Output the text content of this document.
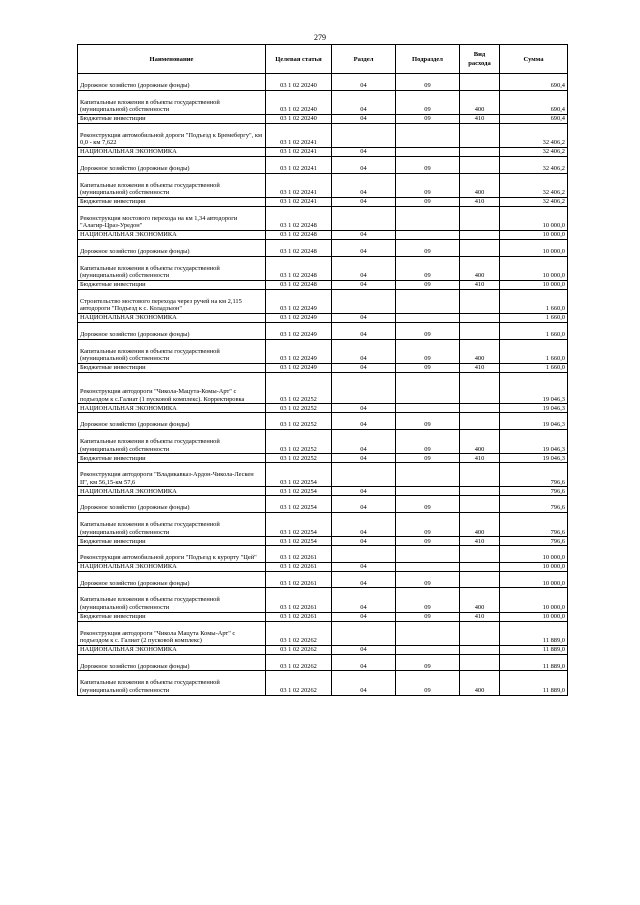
279
Наименование	Целевая статья	Раздел	Подраздел	Вид расхода	Сумма
Дорожное хозяйство (дорожные фонды)	03 1 02 20240	04	09		690,4
Капитальные вложения в объекты государственной (муниципальной) собственности	03 1 02 20240	04	09	400	690,4
Бюджетные инвестиции	03 1 02 20240	04	09	410	690,4
Реконструкция автомобильной дороги "Подъезд к Бремебергу", км 0,0 - км 7,622	03 1 02 20241				32 406,2
НАЦИОНАЛЬНАЯ ЭКОНОМИКА	03 1 02 20241	04			32 406,2
Дорожное хозяйство (дорожные фонды)	03 1 02 20241	04	09		32 406,2
Капитальные вложения в объекты государственной (муниципальной) собственности	03 1 02 20241	04	09	400	32 406,2
Бюджетные инвестиции	03 1 02 20241	04	09	410	32 406,2
Реконструкция мостового перехода на км 1,34 автодороги "Алагир-Цраз-Уредон"	03 1 02 20248				10 000,0
НАЦИОНАЛЬНАЯ ЭКОНОМИКА	03 1 02 20248	04			10 000,0
Дорожное хозяйство (дорожные фонды)	03 1 02 20248	04	09		10 000,0
Капитальные вложения в объекты государственной (муниципальной) собственности	03 1 02 20248	04	09	400	10 000,0
Бюджетные инвестиции	03 1 02 20248	04	09	410	10 000,0
Строительство мостового перехода через ручей на км 2,115 автодороги "Подъезд к с. Коладзыон"	03 1 02 20249				1 660,0
НАЦИОНАЛЬНАЯ ЭКОНОМИКА	03 1 02 20249	04			1 660,0
Дорожное хозяйство (дорожные фонды)	03 1 02 20249	04	09		1 660,0
Капитальные вложения в объекты государственной (муниципальной) собственности	03 1 02 20249	04	09	400	1 660,0
Бюджетные инвестиции	03 1 02 20249	04	09	410	1 660,0
Реконструкция автодороги "Чикола-Мацута-Комы-Арт" с подъездом к с.Галиат (1 пусковой комплекс). Корректировка	03 1 02 20252				19 046,3
НАЦИОНАЛЬНАЯ ЭКОНОМИКА	03 1 02 20252	04			19 046,3
Дорожное хозяйство (дорожные фонды)	03 1 02 20252	04	09		19 046,3
Капитальные вложения в объекты государственной (муниципальной) собственности	03 1 02 20252	04	09	400	19 046,3
Бюджетные инвестиции	03 1 02 20252	04	09	410	19 046,3
Реконструкция автодороги "Владикавказ-Ардон-Чикола-Лескен II", км 56,15-км 57,6	03 1 02 20254				796,6
НАЦИОНАЛЬНАЯ ЭКОНОМИКА	03 1 02 20254	04			796,6
Дорожное хозяйство (дорожные фонды)	03 1 02 20254	04	09		796,6
Капитальные вложения в объекты государственной (муниципальной) собственности	03 1 02 20254	04	09	400	796,6
Бюджетные инвестиции	03 1 02 20254	04	09	410	796,6
Реконструкция автомобильной дороги "Подъезд к курорту "Цей"	03 1 02 20261				10 000,0
НАЦИОНАЛЬНАЯ ЭКОНОМИКА	03 1 02 20261	04			10 000,0
Дорожное хозяйство (дорожные фонды)	03 1 02 20261	04	09		10 000,0
Капитальные вложения в объекты государственной (муниципальной) собственности	03 1 02 20261	04	09	400	10 000,0
Бюджетные инвестиции	03 1 02 20261	04	09	410	10 000,0
Реконструкция автодороги "Чикола Мацута Комы-Арт" с подъездом к с. Галиат (2 пусковой комплекс)	03 1 02 20262				11 889,0
НАЦИОНАЛЬНАЯ ЭКОНОМИКА	03 1 02 20262	04			11 889,0
Дорожное хозяйство (дорожные фонды)	03 1 02 20262	04	09		11 889,0
Капитальные вложения в объекты государственной (муниципальной) собственности	03 1 02 20262	04	09	400	11 889,0
